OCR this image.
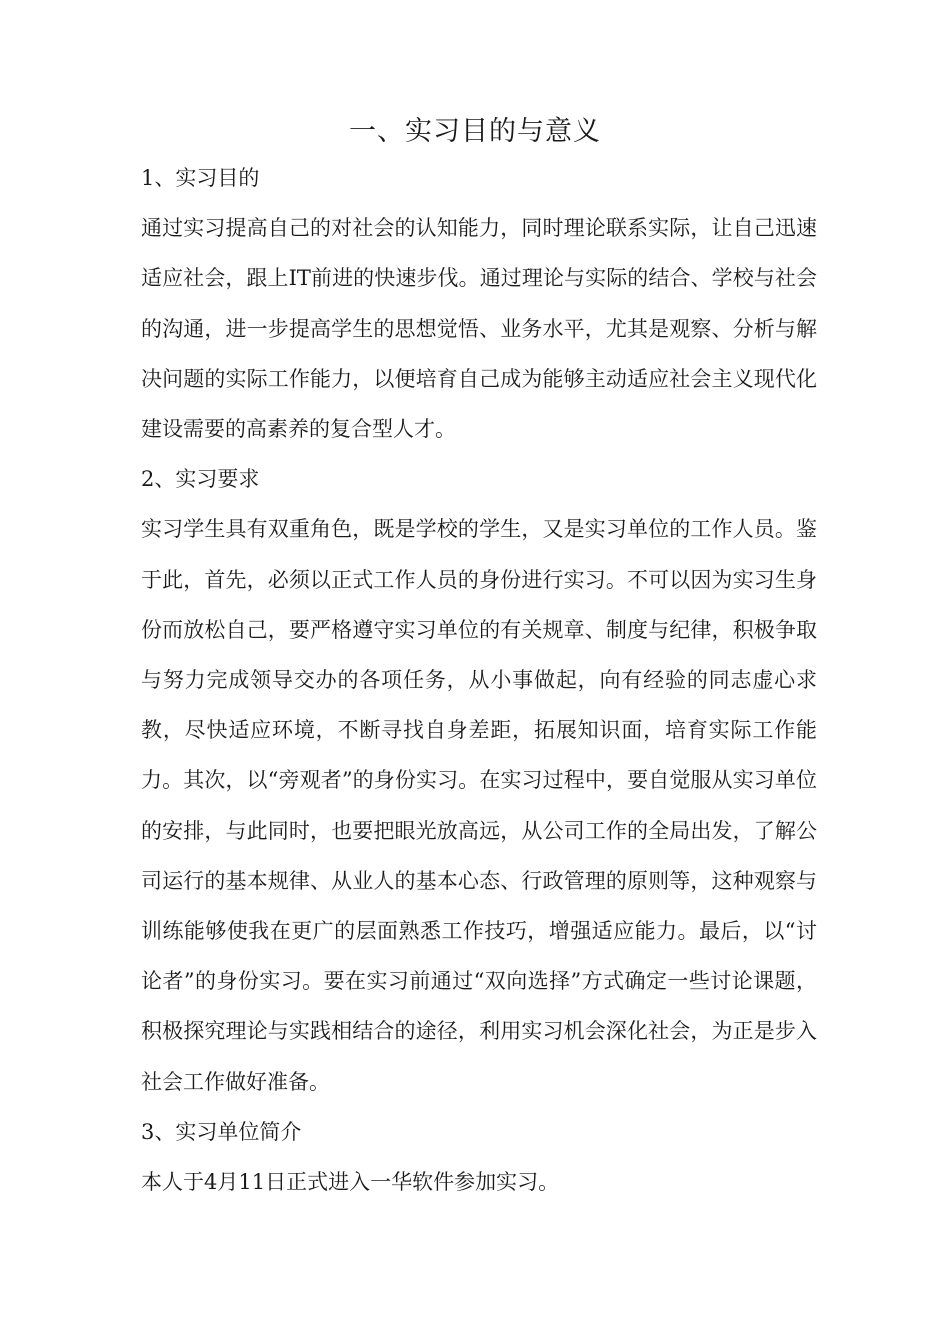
一、实习目的与意义

1、实习目的

通过实习提高自己的对社会的认知能力，同时理论联系实际，让自己迅速适应社会，跟上IT前进的快速步伐。通过理论与实际的结合、学校与社会的沟通，进一步提高学生的思想觉悟、业务水平，尤其是观察、分析与解决问题的实际工作能力，以便培育自己成为能够主动适应社会主义现代化建设需要的高素养的复合型人才。

2、实习要求

实习学生具有双重角色，既是学校的学生，又是实习单位的工作人员。鉴于此，首先，必须以正式工作人员的身份进行实习。不可以因为实习生身份而放松自己，要严格遵守实习单位的有关规章、制度与纪律，积极争取与努力完成领导交办的各项任务，从小事做起，向有经验的同志虚心求教，尽快适应环境，不断寻找自身差距，拓展知识面，培育实际工作能力。其次，以“旁观者”的身份实习。在实习过程中，要自觉服从实习单位的安排，与此同时，也要把眼光放高远，从公司工作的全局出发，了解公司运行的基本规律、从业人的基本心态、行政管理的原则等，这种观察与训练能够使我在更广的层面熟悉工作技巧，增强适应能力。最后，以“讨论者”的身份实习。要在实习前通过“双向选择”方式确定一些讨论课题，积极探究理论与实践相结合的途径，利用实习机会深化社会，为正是步入社会工作做好准备。

3、实习单位简介

本人于4月11日正式进入一华软件参加实习。
